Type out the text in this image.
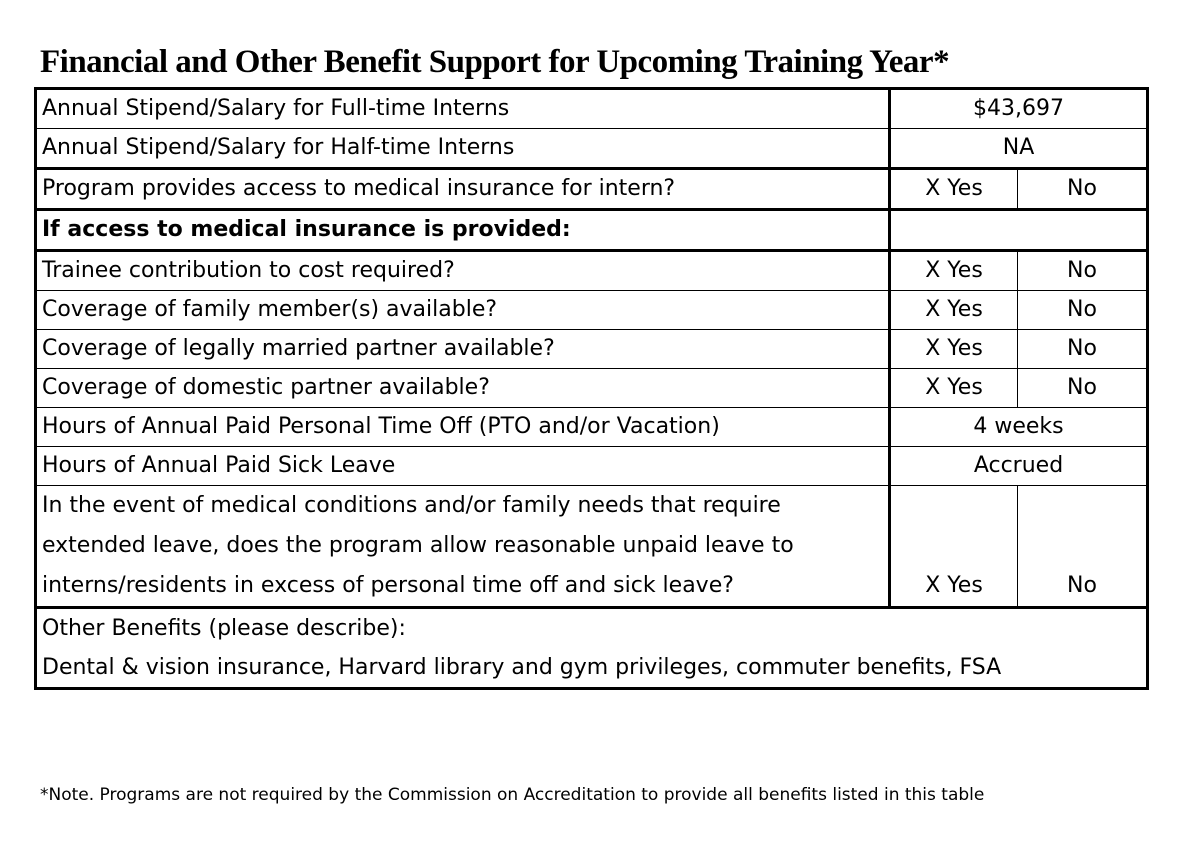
Financial and Other Benefit Support for Upcoming Training Year*
Annual Stipend/Salary for Full-time Interns	$43,697	
Annual Stipend/Salary for Half-time Interns	NA	
Program provides access to medical insurance for intern?	X Yes	No
If access to medical insurance is provided:		
Trainee contribution to cost required?	X Yes	No
Coverage of family member(s) available?	X Yes	No
Coverage of legally married partner available?	X Yes	No
Coverage of domestic partner available?	X Yes	No
Hours of Annual Paid Personal Time Off (PTO and/or Vacation)	4 weeks	
Hours of Annual Paid Sick Leave	Accrued	

In the event of medical conditions and/or family needs that require
extended leave, does the program allow reasonable unpaid leave to
interns/residents in excess of personal time off and sick leave?	X Yes	No

Other Benefits (please describe):
Dental & vision insurance, Harvard library and gym privileges, commuter benefits, FSA		
*Note. Programs are not required by the Commission on Accreditation to provide all benefits listed in this table
